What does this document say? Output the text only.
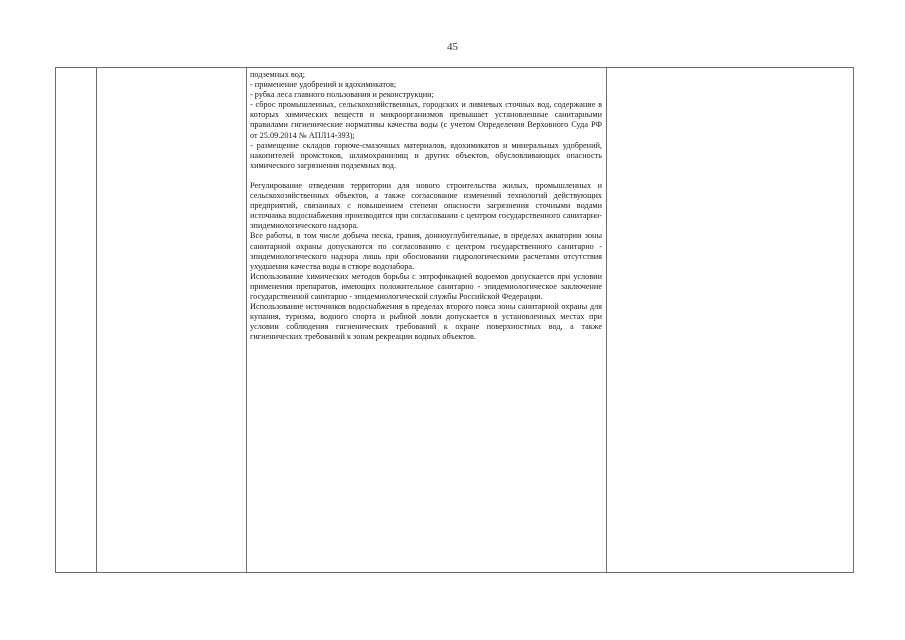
45

подземных вод;

- применение удобрений и ядохимикатов;

- рубка леса главного пользования и реконструкции;

- сброс промышленных, сельскохозяйственных, городских и ливневых сточных вод, содержание в которых химических веществ и микроорганизмов превышает установленные санитарными правилами гигиенические нормативы качества воды (с учетом Определения Верховного Суда РФ от 25.09.2014 № АПЛ14-393);

- размещение складов горюче-смазочных материалов, ядохимикатов и минеральных удобрений, накопителей промстоков, шламохранилищ и других объектов, обусловливающих опасность химического загрязнения подземных вод.

Регулирование отведения территории для нового строительства жилых, промышленных и сельскохозяйственных объектов, а также согласование изменений технологий действующих предприятий, связанных с повышением степени опасности загрязнения сточными водами источника водоснабжения производится при согласовании с центром государственного санитарно-эпидемиологического надзора.

Все работы, в том числе добыча песка, гравия, донноуглубительные, в пределах акватории зоны санитарной охраны допускаются по согласованию с центром государственного санитарно - эпидемиологического надзора лишь при обосновании гидрологическими расчетами отсутствия ухудшения качества воды в створе водозабора.

Использование химических методов борьбы с эвтрофикацией водоемов допускается при условии применения препаратов, имеющих положительное санитарно - эпидемиологическое заключение государственной санитарно - эпидемиологической службы Российской Федерации.

Использование источников водоснабжения в пределах второго пояса зоны санитарной охраны для купания, туризма, водного спорта и рыбной ловли допускается в установленных местах при условии соблюдения гигиенических требований к охране поверхностных вод, а также гигиенических требований к зонам рекреации водных объектов.
